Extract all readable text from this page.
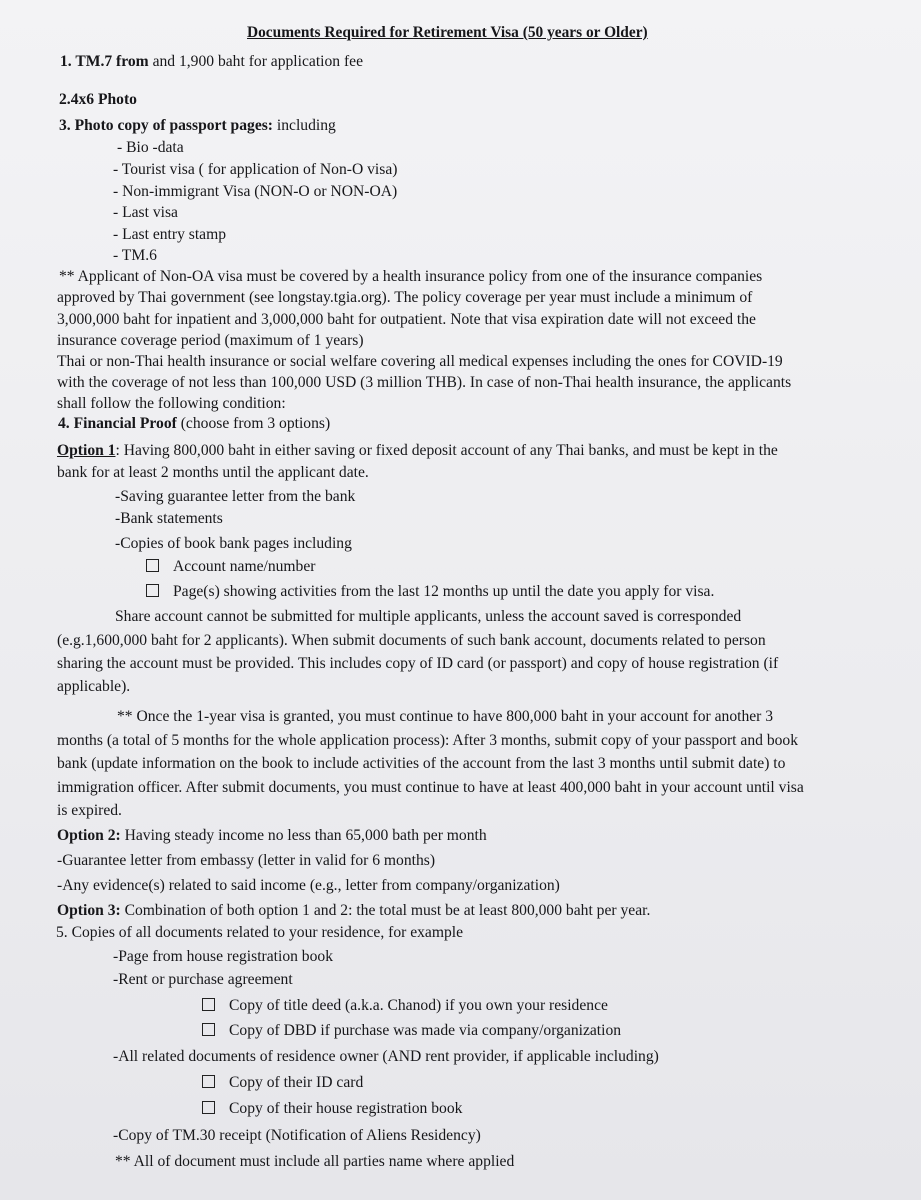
Documents Required for Retirement Visa (50 years or Older)
1. TM.7 from and 1,900 baht for application fee
2.4x6 Photo
3. Photo copy of passport pages: including
- Bio -data
- Tourist visa ( for application of Non-O visa)
- Non-immigrant Visa (NON-O or NON-OA)
- Last visa
- Last entry stamp
- TM.6
** Applicant of Non-OA visa must be covered by a health insurance policy from one of the insurance companies
approved by Thai government (see longstay.tgia.org). The policy coverage per year must include a minimum of
3,000,000 baht for inpatient and 3,000,000 baht for outpatient. Note that visa expiration date will not exceed the
insurance coverage period (maximum of 1 years)
Thai or non-Thai health insurance or social welfare covering all medical expenses including the ones for COVID-19
with the coverage of not less than 100,000 USD (3 million THB). In case of non-Thai health insurance, the applicants
shall follow the following condition:
4. Financial Proof (choose from 3 options)
Option 1: Having 800,000 baht in either saving or fixed deposit account of any Thai banks, and must be kept in the
bank for at least 2 months until the applicant date.
-Saving guarantee letter from the bank
-Bank statements
-Copies of book bank pages including
Account name/number
Page(s) showing activities from the last 12 months up until the date you apply for visa.
Share account cannot be submitted for multiple applicants, unless the account saved is corresponded
(e.g.1,600,000 baht for 2 applicants). When submit documents of such bank account, documents related to person
sharing the account must be provided. This includes copy of ID card (or passport) and copy of house registration (if
applicable).
** Once the 1-year visa is granted, you must continue to have 800,000 baht in your account for another 3
months (a total of 5 months for the whole application process): After 3 months, submit copy of your passport and book
bank (update information on the book to include activities of the account from the last 3 months until submit date) to
immigration officer. After submit documents, you must continue to have at least 400,000 baht in your account until visa
is expired.
Option 2: Having steady income no less than 65,000 bath per month
-Guarantee letter from embassy (letter in valid for 6 months)
-Any evidence(s) related to said income (e.g., letter from company/organization)
Option 3: Combination of both option 1 and 2: the total must be at least 800,000 baht per year.
5. Copies of all documents related to your residence, for example
-Page from house registration book
-Rent or purchase agreement
Copy of title deed (a.k.a. Chanod) if you own your residence
Copy of DBD if purchase was made via company/organization
-All related documents of residence owner (AND rent provider, if applicable including)
Copy of their ID card
Copy of their house registration book
-Copy of TM.30 receipt (Notification of Aliens Residency)
** All of document must include all parties name where applied
